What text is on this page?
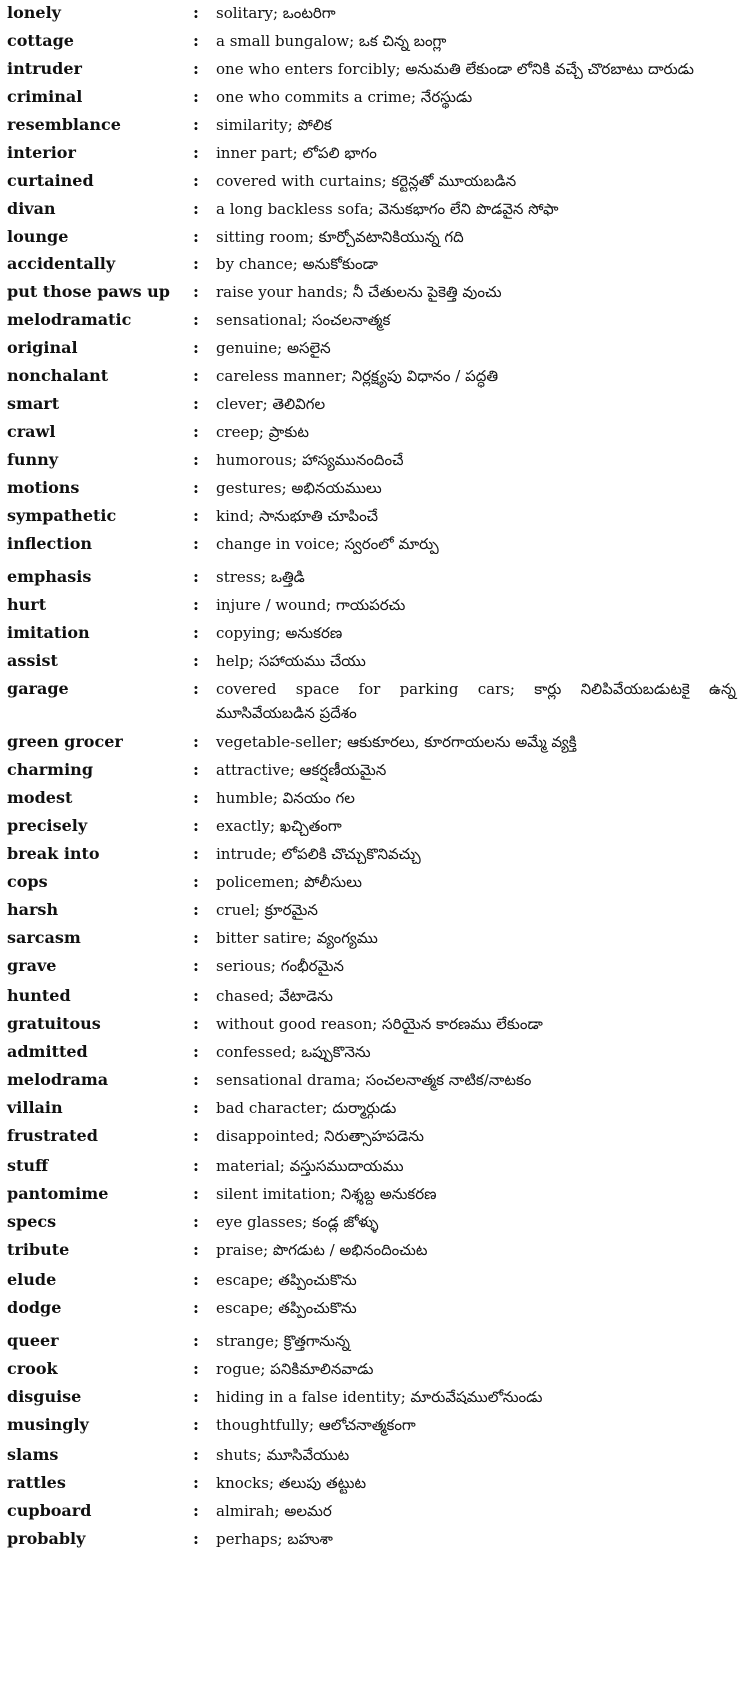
lonely	: solitary; ఒంటరిగా
cottage	: a small bungalow; ఒక చిన్న బంగ్లా
intruder	: one who enters forcibly; అనుమతి లేకుండా లోనికి వచ్చే చొరబాటు దారుడు
criminal	: one who commits a crime; నేరస్థుడు
resemblance	: similarity; పోలిక
interior	: inner part; లోపలి భాగం
curtained	: covered with curtains; కర్టెన్లతో మూయబడిన
divan	: a long backless sofa; వెనుకభాగం లేని పొడవైన సోఫా
lounge	: sitting room; కూర్చోవటానికియున్న గది
accidentally	: by chance; అనుకోకుండా
put those paws up	: raise your hands; నీ చేతులను పైకెత్తి వుంచు
melodramatic	: sensational; సంచలనాత్మక
original	: genuine; అసలైన
nonchalant	: careless manner; నిర్లక్ష్యపు విధానం / పద్ధతి
smart	: clever; తెలివిగల
crawl	: creep; ప్రాకుట
funny	: humorous; హాస్యమునందించే
motions	: gestures; అభినయములు
sympathetic	: kind; సానుభూతి చూపించే
inflection	: change in voice; స్వరంలో మార్పు
emphasis	: stress; ఒత్తిడి
hurt	: injure / wound; గాయపరచు
imitation	: copying; అనుకరణ
assist	: help; సహాయము చేయు
garage	: covered space for parking cars; కార్లు నిలిపివేయబడుటకై ఉన్న మూసివేయబడిన ప్రదేశం
green grocer	: vegetable-seller; ఆకుకూరలు, కూరగాయలను అమ్మే వ్యక్తి
charming	: attractive; ఆకర్షణీయమైన
modest	: humble; వినయం గల
precisely	: exactly; ఖచ్చితంగా
break into	: intrude; లోపలికి చొచ్చుకొనివచ్చు
cops	: policemen; పోలీసులు
harsh	: cruel; క్రూరమైన
sarcasm	: bitter satire; వ్యంగ్యము
grave	: serious; గంభీరమైన
hunted	: chased; వేటాడెను
gratuitous	: without good reason; సరియైన కారణము లేకుండా
admitted	: confessed; ఒప్పుకొనెను
melodrama	: sensational drama; సంచలనాత్మక నాటిక/నాటకం
villain	: bad character; దుర్మార్గుడు
frustrated	: disappointed; నిరుత్సాహపడెను
stuff	: material; వస్తుసముదాయము
pantomime	: silent imitation; నిశ్శబ్ద అనుకరణ
specs	: eye glasses; కండ్ల జోళ్ళు
tribute	: praise; పొగడుట / అభినందించుట
elude	: escape; తప్పించుకొను
dodge	: escape; తప్పించుకొను
queer	: strange; క్రొత్తగానున్న
crook	: rogue; పనికిమాలినవాడు
disguise	: hiding in a false identity; మారువేషములోనుండు
musingly	: thoughtfully; ఆలోచనాత్మకంగా
slams	: shuts; మూసివేయుట
rattles	: knocks; తలుపు తట్టుట
cupboard	: almirah; అలమర
probably	: perhaps; బహుశా
